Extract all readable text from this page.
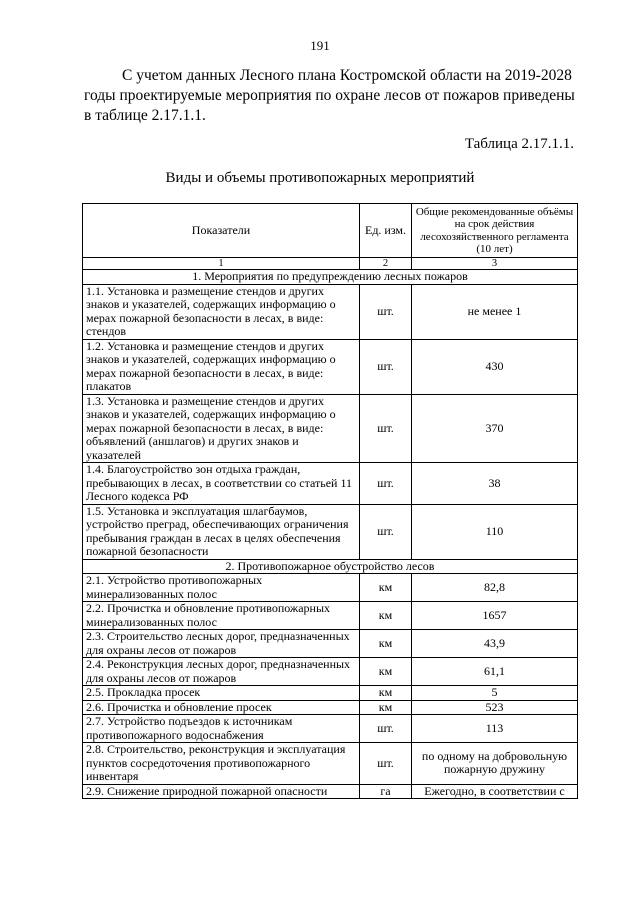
191
С учетом данных Лесного плана Костромской области на 2019-2028
годы проектируемые мероприятия по охране лесов от пожаров приведены
в таблице 2.17.1.1.
Таблица 2.17.1.1.
Виды и объемы противопожарных мероприятий
Показатели	Ед. изм.	Общие рекомендованные объёмы на срок действия лесохозяйственного регламента (10 лет)
1	2	3
1. Мероприятия по предупреждению лесных пожаров		
1.1. Установка и размещение стендов и других знаков и указателей, содержащих информацию о мерах пожарной безопасности в лесах, в виде: стендов	шт.	не менее 1
1.2. Установка и размещение стендов и других знаков и указателей, содержащих информацию о мерах пожарной безопасности в лесах, в виде: плакатов	шт.	430
1.3. Установка и размещение стендов и других знаков и указателей, содержащих информацию о мерах пожарной безопасности в лесах, в виде: объявлений (аншлагов) и других знаков и указателей	шт.	370
1.4. Благоустройство зон отдыха граждан, пребывающих в лесах, в соответствии со статьей 11 Лесного кодекса РФ	шт.	38
1.5. Установка и эксплуатация шлагбаумов, устройство преград, обеспечивающих ограничения пребывания граждан в лесах в целях обеспечения пожарной безопасности	шт.	110
2. Противопожарное обустройство лесов		
2.1. Устройство противопожарных минерализованных полос	км	82,8
2.2. Прочистка и обновление противопожарных минерализованных полос	км	1657
2.3. Строительство лесных дорог, предназначенных для охраны лесов от пожаров	км	43,9
2.4. Реконструкция лесных дорог, предназначенных для охраны лесов от пожаров	км	61,1
2.5. Прокладка просек	км	5
2.6. Прочистка и обновление просек	км	523
2.7. Устройство подъездов к источникам противопожарного водоснабжения	шт.	113
2.8. Строительство, реконструкция и эксплуатация пунктов сосредоточения противопожарного инвентаря	шт.	по одному на добровольную пожарную дружину
2.9. Снижение природной пожарной опасности	га	Ежегодно, в соответствии с
